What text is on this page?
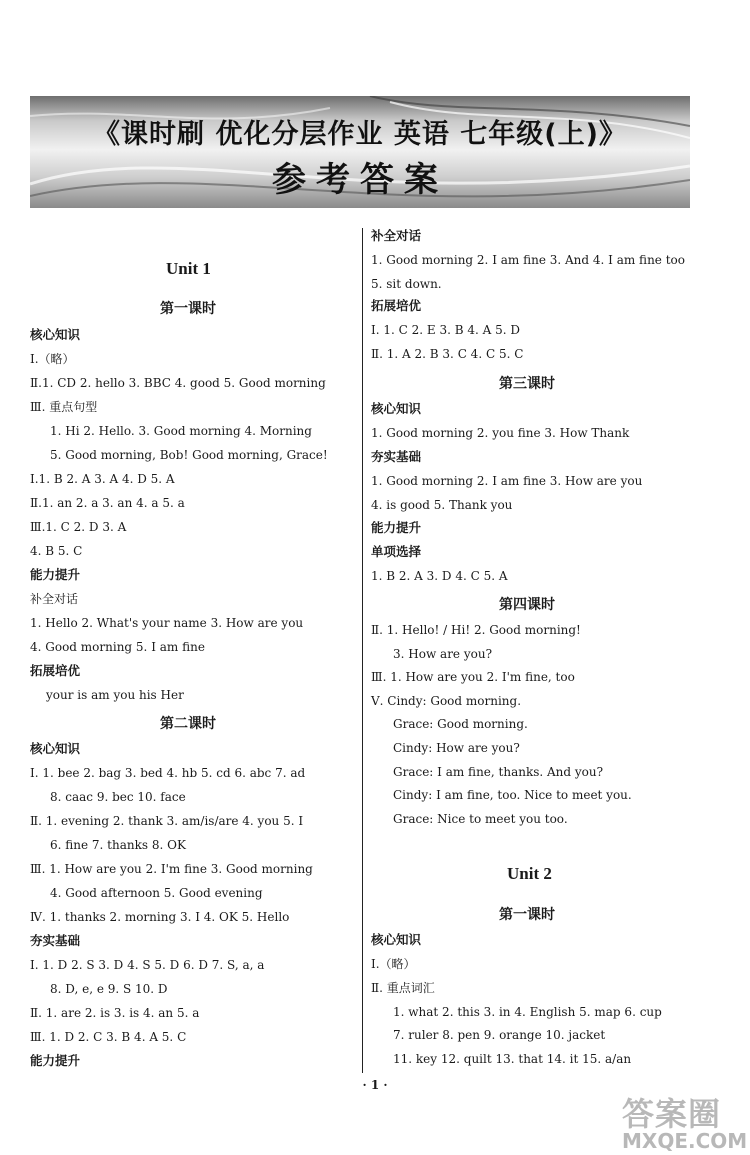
《课时刷 优化分层作业 英语 七年级(上)》
参考答案
Unit 1
第一课时
核心知识
Ⅰ.（略）
Ⅱ.1. CD 2. hello 3. BBC 4. good 5. Good morning
Ⅲ. 重点句型
1. Hi 2. Hello. 3. Good morning 4. Morning
5. Good morning, Bob! Good morning, Grace!
Ⅰ.1. B 2. A 3. A 4. D 5. A
Ⅱ.1. an 2. a 3. an 4. a 5. a
Ⅲ.1. C 2. D 3. A
4. B 5. C
能力提升
补全对话
1. Hello 2. What's your name 3. How are you
4. Good morning 5. I am fine
拓展培优
your is am you his Her
第二课时
核心知识
Ⅰ. 1. bee 2. bag 3. bed 4. hb 5. cd 6. abc 7. ad
8. caac 9. bec 10. face
Ⅱ. 1. evening 2. thank 3. am/is/are 4. you 5. I
6. fine 7. thanks 8. OK
Ⅲ. 1. How are you 2. I'm fine 3. Good morning
4. Good afternoon 5. Good evening
Ⅳ. 1. thanks 2. morning 3. I 4. OK 5. Hello
夯实基础
Ⅰ. 1. D 2. S 3. D 4. S 5. D 6. D 7. S, a, a
8. D, e, e 9. S 10. D
Ⅱ. 1. are 2. is 3. is 4. an 5. a
Ⅲ. 1. D 2. C 3. B 4. A 5. C
能力提升
补全对话
1. Good morning 2. I am fine 3. And 4. I am fine too
5. sit down.
拓展培优
Ⅰ. 1. C 2. E 3. B 4. A 5. D
Ⅱ. 1. A 2. B 3. C 4. C 5. C
第三课时
核心知识
1. Good morning 2. you fine 3. How Thank
夯实基础
1. Good morning 2. I am fine 3. How are you
4. is good 5. Thank you
能力提升
单项选择
1. B 2. A 3. D 4. C 5. A
第四课时
Ⅱ. 1. Hello! / Hi! 2. Good morning!
3. How are you?
Ⅲ. 1. How are you 2. I'm fine, too
Ⅴ. Cindy: Good morning.
Grace: Good morning.
Cindy: How are you?
Grace: I am fine, thanks. And you?
Cindy: I am fine, too. Nice to meet you.
Grace: Nice to meet you too.
Unit 2
第一课时
核心知识
Ⅰ.（略）
Ⅱ. 重点词汇
1. what 2. this 3. in 4. English 5. map 6. cup
7. ruler 8. pen 9. orange 10. jacket
11. key 12. quilt 13. that 14. it 15. a/an
· 1 ·
答案圈
MXQE.COM
